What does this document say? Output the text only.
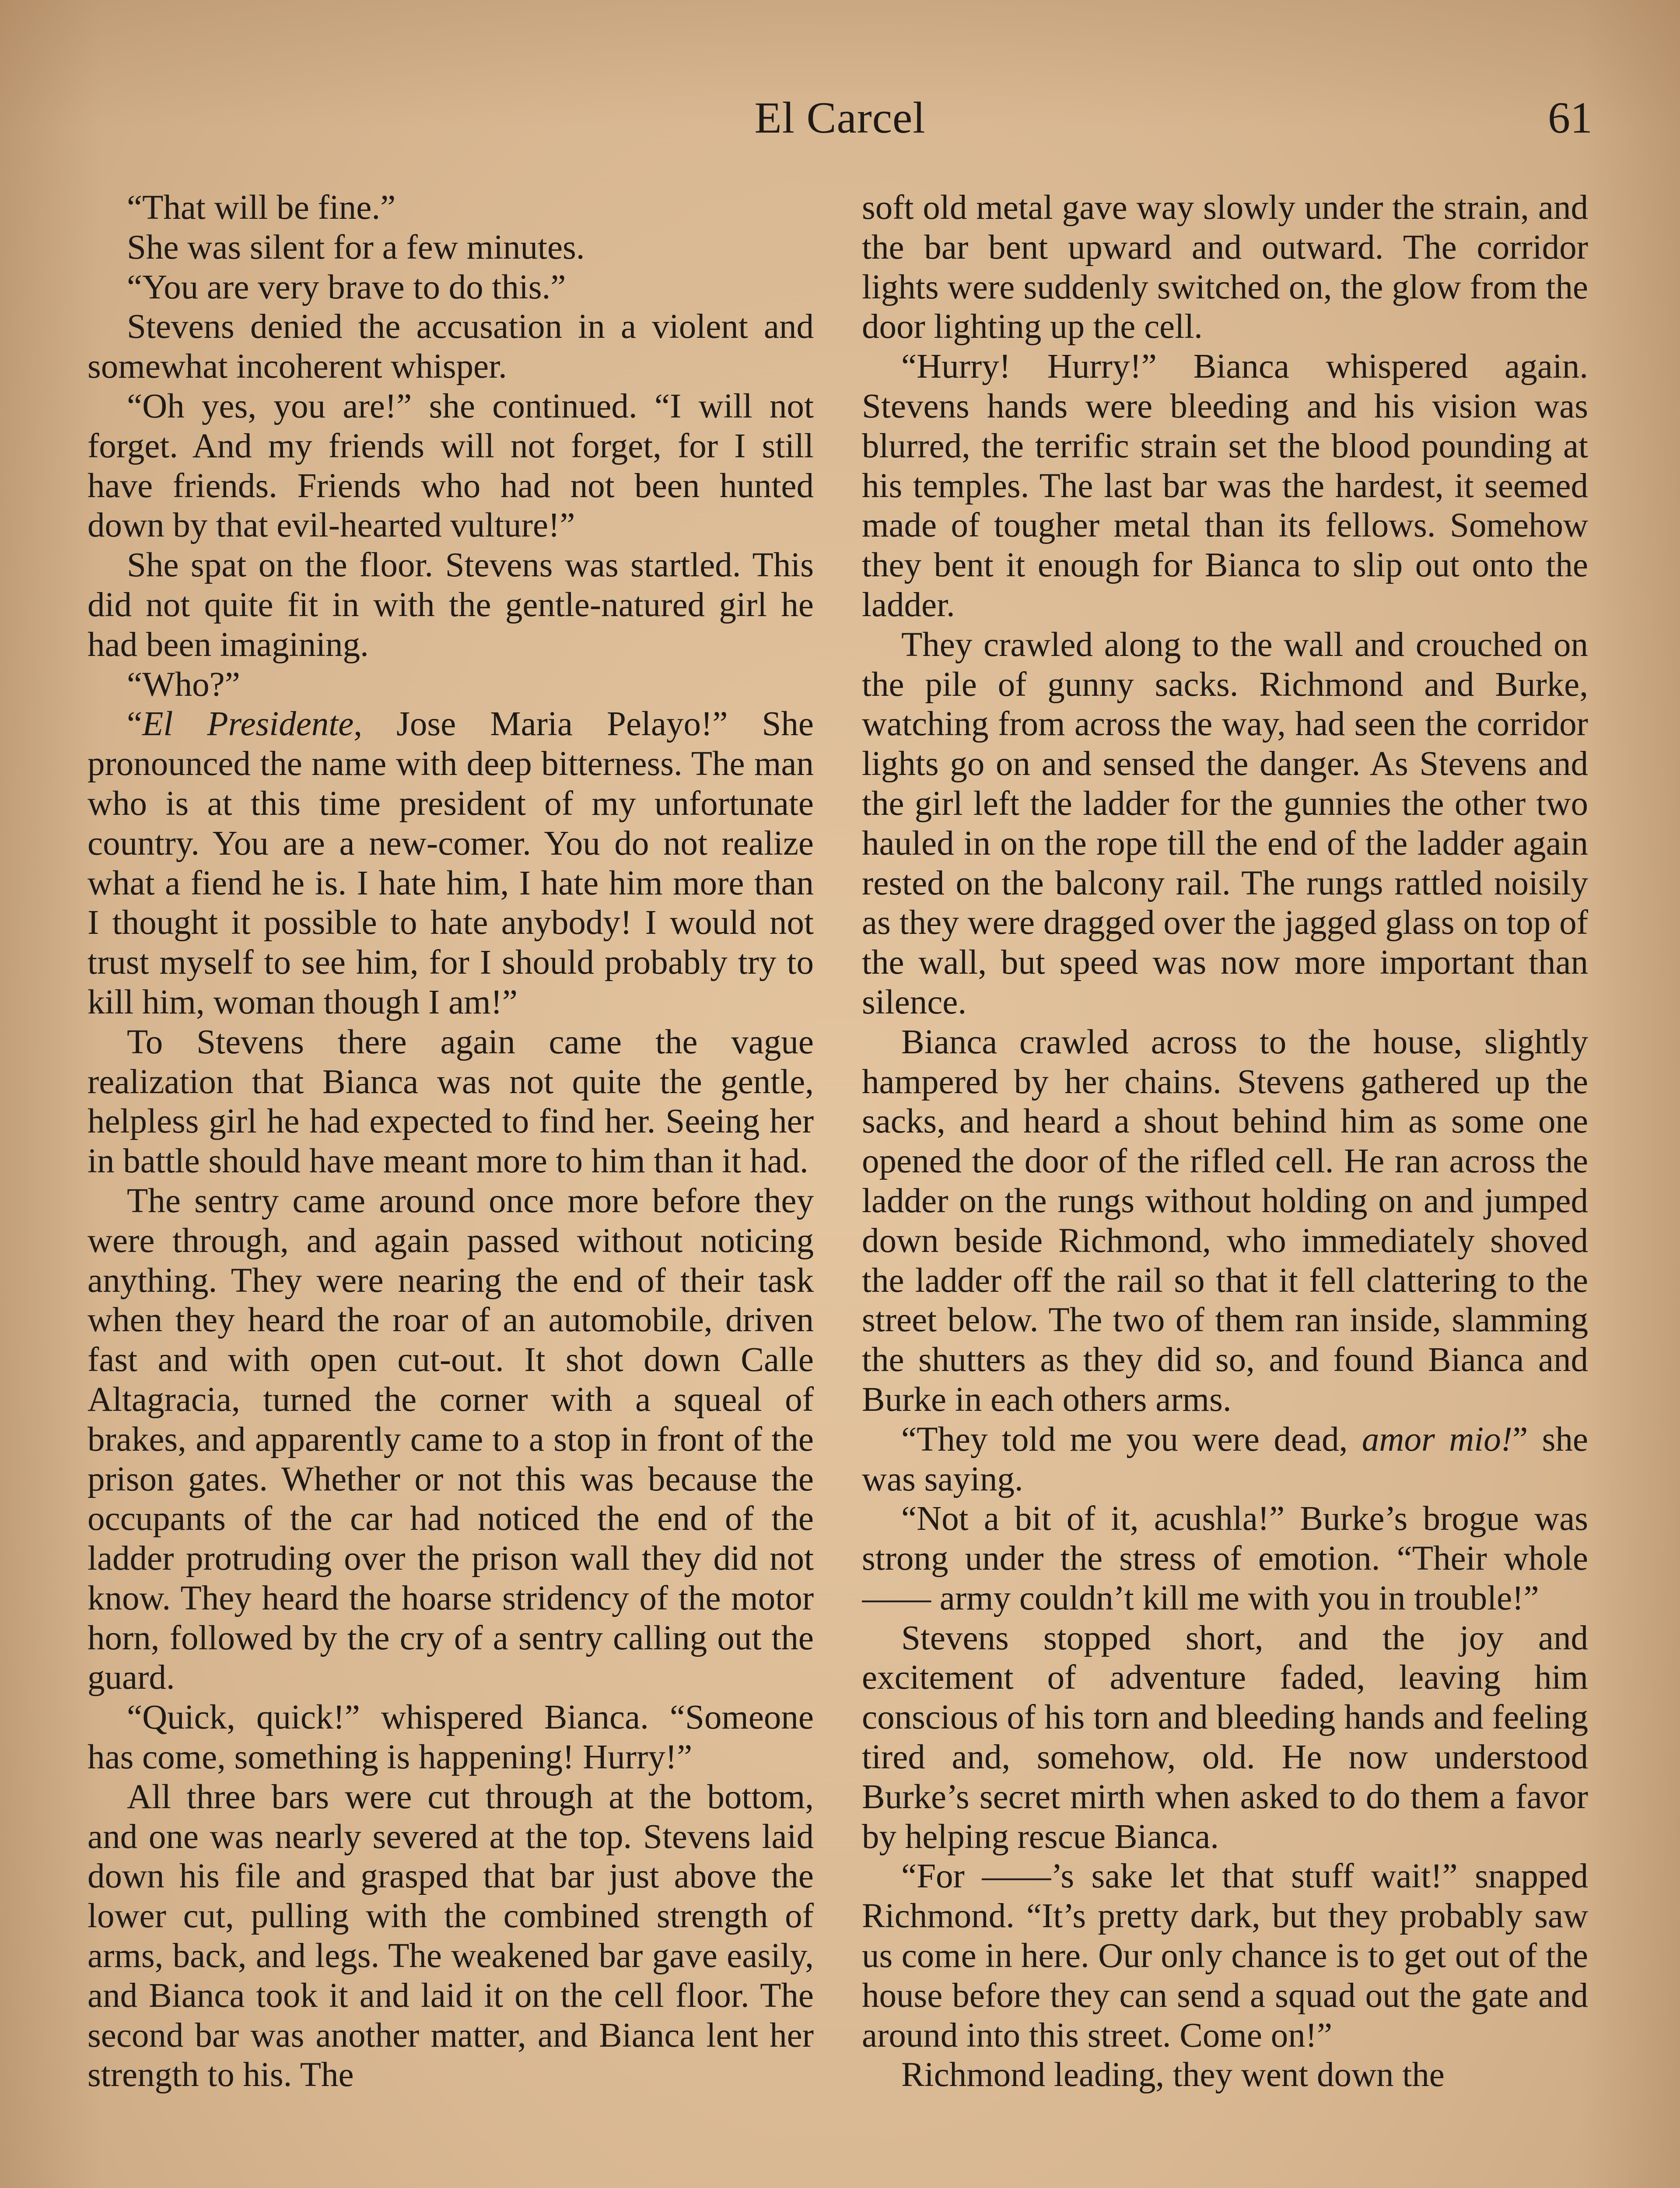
El Carcel	61

“That will be fine.”

She was silent for a few minutes.

“You are very brave to do this.”

Stevens denied the accusation in a violent and somewhat incoherent whisper.

“Oh yes, you are!” she continued. “I will not forget. And my friends will not forget, for I still have friends. Friends who had not been hunted down by that evil-hearted vulture!”

She spat on the floor. Stevens was startled. This did not quite fit in with the gentle-natured girl he had been imagining.

“Who?”

“El Presidente, Jose Maria Pelayo!” She pronounced the name with deep bitterness. The man who is at this time president of my unfortunate country. You are a new-comer. You do not realize what a fiend he is. I hate him, I hate him more than I thought it possible to hate anybody! I would not trust myself to see him, for I should probably try to kill him, woman though I am!”

To Stevens there again came the vague realization that Bianca was not quite the gentle, helpless girl he had expected to find her. Seeing her in battle should have meant more to him than it had.

The sentry came around once more before they were through, and again passed without noticing anything. They were nearing the end of their task when they heard the roar of an automobile, driven fast and with open cut-out. It shot down Calle Altagracia, turned the corner with a squeal of brakes, and apparently came to a stop in front of the prison gates. Whether or not this was because the occupants of the car had noticed the end of the ladder protruding over the prison wall they did not know. They heard the hoarse stridency of the motor horn, followed by the cry of a sentry calling out the guard.

“Quick, quick!” whispered Bianca. “Someone has come, something is happening! Hurry!”

All three bars were cut through at the bottom, and one was nearly severed at the top. Stevens laid down his file and grasped that bar just above the lower cut, pulling with the combined strength of arms, back, and legs. The weakened bar gave easily, and Bianca took it and laid it on the cell floor. The second bar was another matter, and Bianca lent her strength to his. The

soft old metal gave way slowly under the strain, and the bar bent upward and outward. The corridor lights were suddenly switched on, the glow from the door lighting up the cell.

“Hurry! Hurry!” Bianca whispered again. Stevens hands were bleeding and his vision was blurred, the terrific strain set the blood pounding at his temples. The last bar was the hardest, it seemed made of tougher metal than its fellows. Somehow they bent it enough for Bianca to slip out onto the ladder.

They crawled along to the wall and crouched on the pile of gunny sacks. Richmond and Burke, watching from across the way, had seen the corridor lights go on and sensed the danger. As Stevens and the girl left the ladder for the gunnies the other two hauled in on the rope till the end of the ladder again rested on the balcony rail. The rungs rattled noisily as they were dragged over the jagged glass on top of the wall, but speed was now more important than silence.

Bianca crawled across to the house, slightly hampered by her chains. Stevens gathered up the sacks, and heard a shout behind him as some one opened the door of the rifled cell. He ran across the ladder on the rungs without holding on and jumped down beside Richmond, who immediately shoved the ladder off the rail so that it fell clattering to the street below. The two of them ran inside, slamming the shutters as they did so, and found Bianca and Burke in each others arms.

“They told me you were dead, amor mio!” she was saying.

“Not a bit of it, acushla!” Burke’s brogue was strong under the stress of emotion. “Their whole —— army couldn’t kill me with you in trouble!”

Stevens stopped short, and the joy and excitement of adventure faded, leaving him conscious of his torn and bleeding hands and feeling tired and, somehow, old. He now understood Burke’s secret mirth when asked to do them a favor by helping rescue Bianca.

“For ——’s sake let that stuff wait!” snapped Richmond. “It’s pretty dark, but they probably saw us come in here. Our only chance is to get out of the house before they can send a squad out the gate and around into this street. Come on!”

Richmond leading, they went down the
